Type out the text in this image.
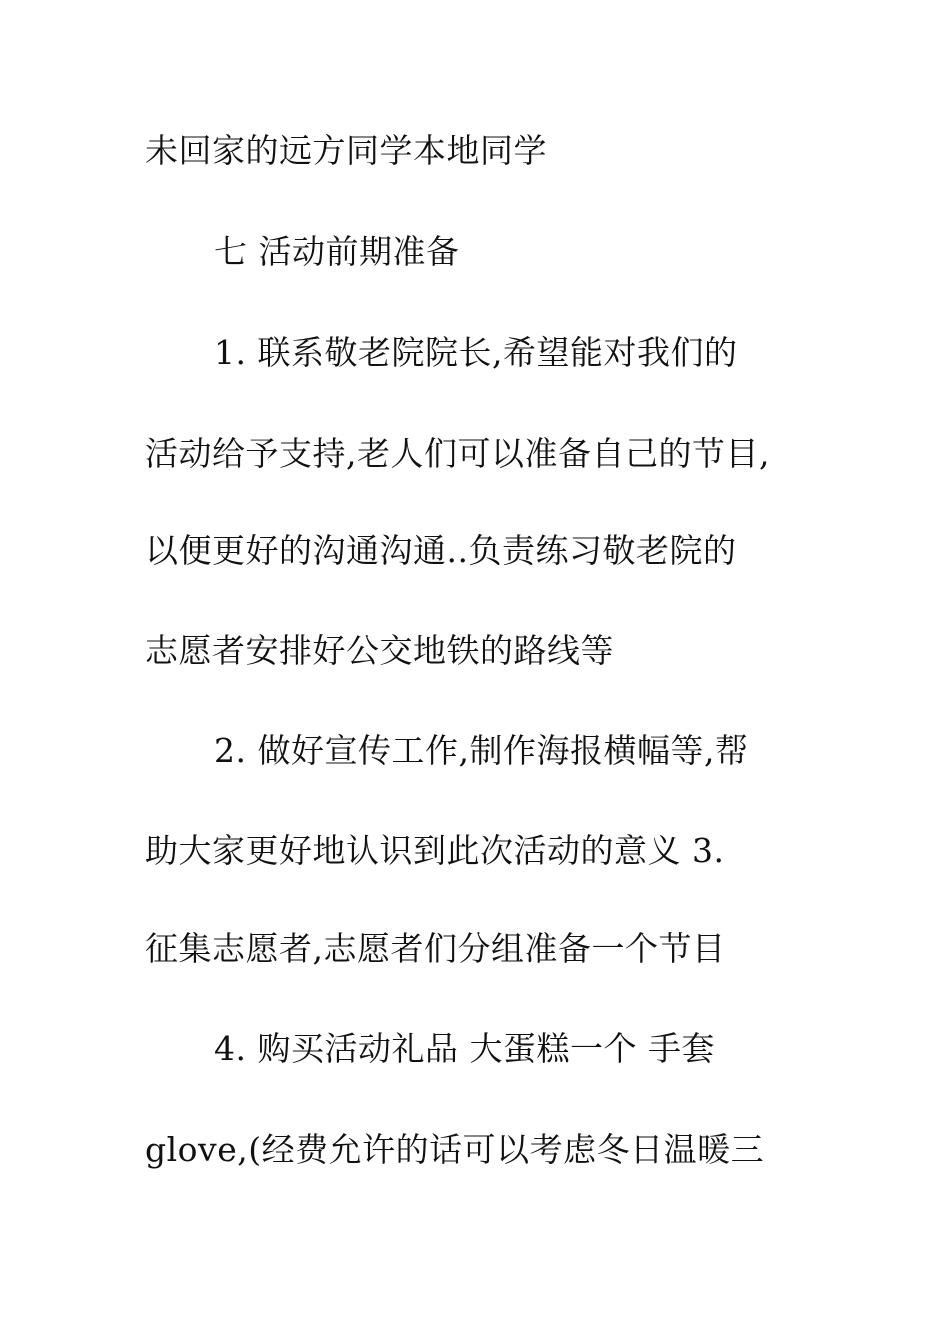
未回家的远方同学本地同学

七 活动前期准备

1. 联系敬老院院长,希望能对我们的

活动给予支持,老人们可以准备自己的节目,

以便更好的沟通沟通..负责练习敬老院的

志愿者安排好公交地铁的路线等

2. 做好宣传工作,制作海报横幅等,帮

助大家更好地认识到此次活动的意义 3.

征集志愿者,志愿者们分组准备一个节目

4. 购买活动礼品 大蛋糕一个 手套

glove,(经费允许的话可以考虑冬日温暖三
